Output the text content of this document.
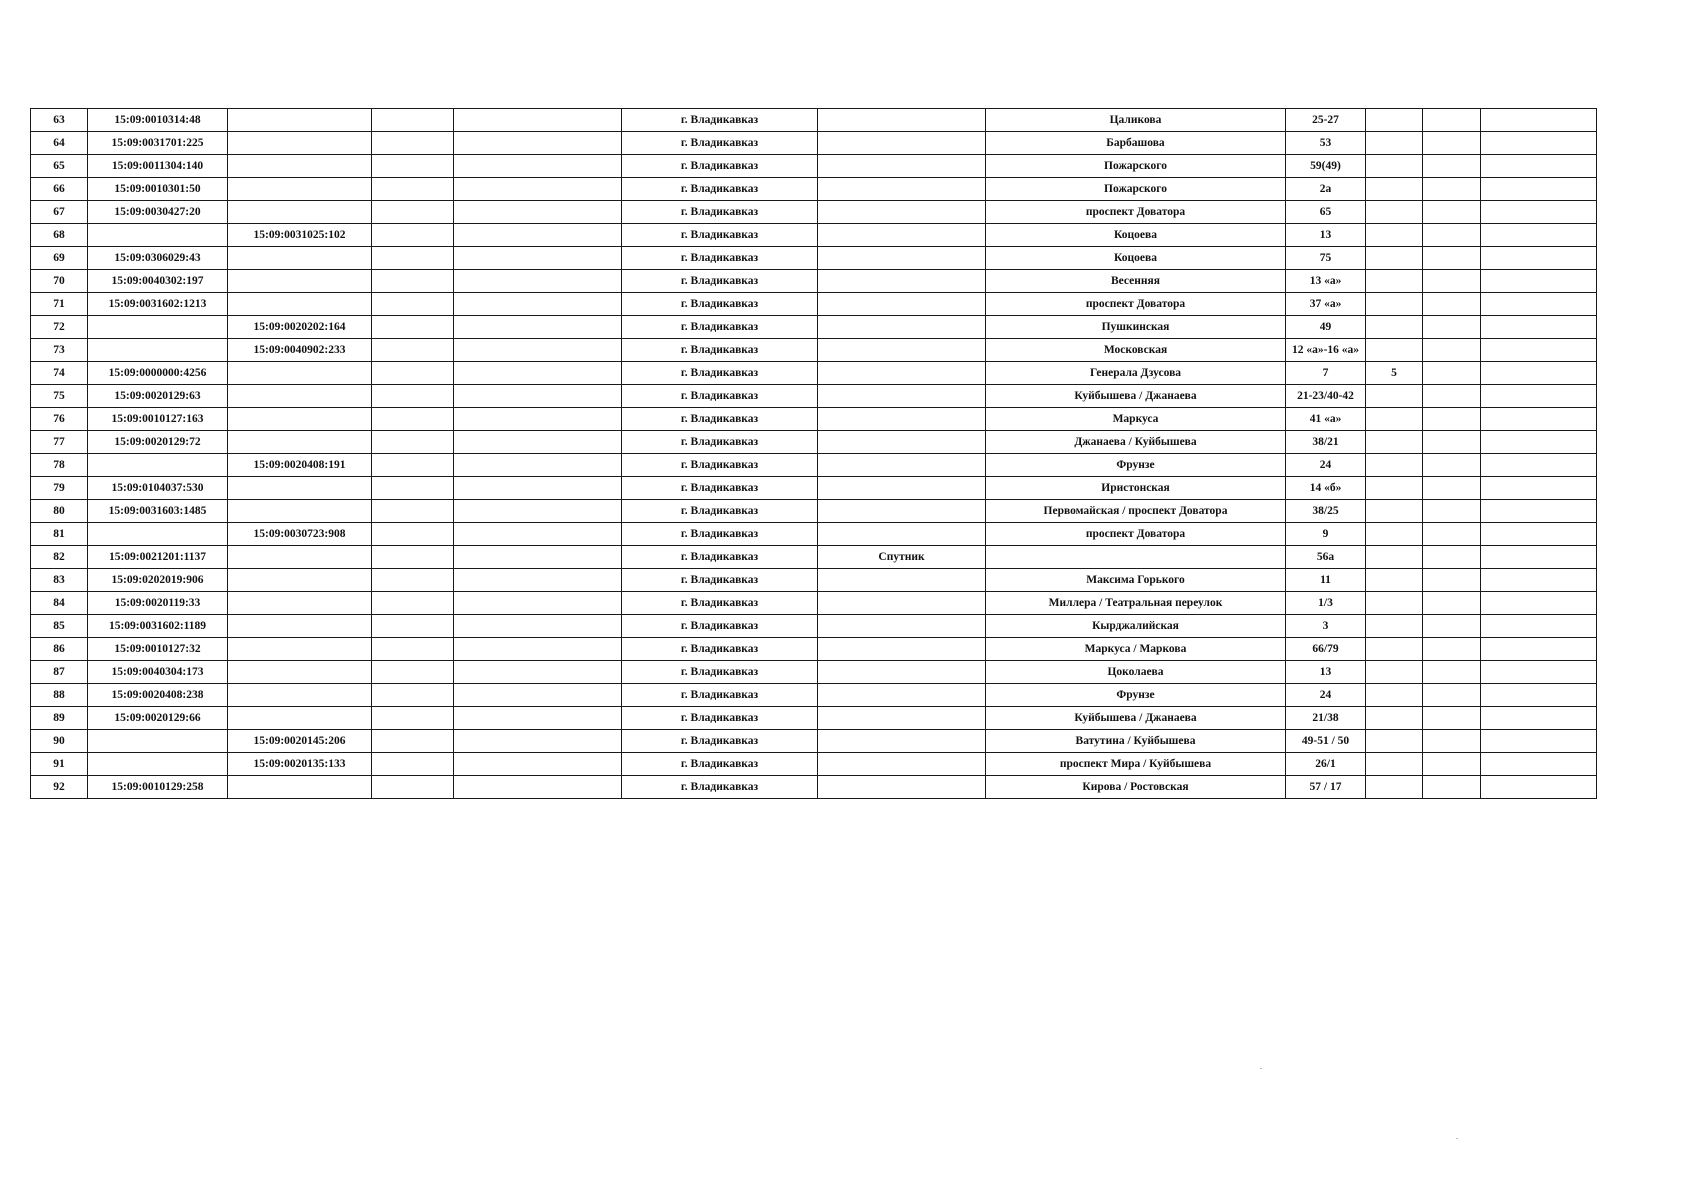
63	15:09:0010314:48				г. Владикавказ		Цаликова	25-27			
64	15:09:0031701:225				г. Владикавказ		Барбашова	53			
65	15:09:0011304:140				г. Владикавказ		Пожарского	59(49)			
66	15:09:0010301:50				г. Владикавказ		Пожарского	2а			
67	15:09:0030427:20				г. Владикавказ		проспект Доватора	65			
68		15:09:0031025:102			г. Владикавказ		Коцоева	13			
69	15:09:0306029:43				г. Владикавказ		Коцоева	75			
70	15:09:0040302:197				г. Владикавказ		Весенняя	13 «а»			
71	15:09:0031602:1213				г. Владикавказ		проспект Доватора	37 «а»			
72		15:09:0020202:164			г. Владикавказ		Пушкинская	49			
73		15:09:0040902:233			г. Владикавказ		Московская	12 «а»-16 «а»			
74	15:09:0000000:4256				г. Владикавказ		Генерала Дзусова	7	5		
75	15:09:0020129:63				г. Владикавказ		Куйбышева / Джанаева	21-23/40-42			
76	15:09:0010127:163				г. Владикавказ		Маркуса	41 «а»			
77	15:09:0020129:72				г. Владикавказ		Джанаева / Куйбышева	38/21			
78		15:09:0020408:191			г. Владикавказ		Фрунзе	24			
79	15:09:0104037:530				г. Владикавказ		Иристонская	14 «б»			
80	15:09:0031603:1485				г. Владикавказ		Первомайская / проспект Доватора	38/25			
81		15:09:0030723:908			г. Владикавказ		проспект Доватора	9			
82	15:09:0021201:1137				г. Владикавказ	Спутник		56а			
83	15:09:0202019:906				г. Владикавказ		Максима Горького	11			
84	15:09:0020119:33				г. Владикавказ		Миллера / Театральная переулок	1/3			
85	15:09:0031602:1189				г. Владикавказ		Кырджалийская	3			
86	15:09:0010127:32				г. Владикавказ		Маркуса / Маркова	66/79			
87	15:09:0040304:173				г. Владикавказ		Цоколаева	13			
88	15:09:0020408:238				г. Владикавказ		Фрунзе	24			
89	15:09:0020129:66				г. Владикавказ		Куйбышева / Джанаева	21/38			
90		15:09:0020145:206			г. Владикавказ		Ватутина / Куйбышева	49-51 / 50			
91		15:09:0020135:133			г. Владикавказ		проспект Мира / Куйбышева	26/1			
92	15:09:0010129:258				г. Владикавказ		Кирова / Ростовская	57 / 17			
